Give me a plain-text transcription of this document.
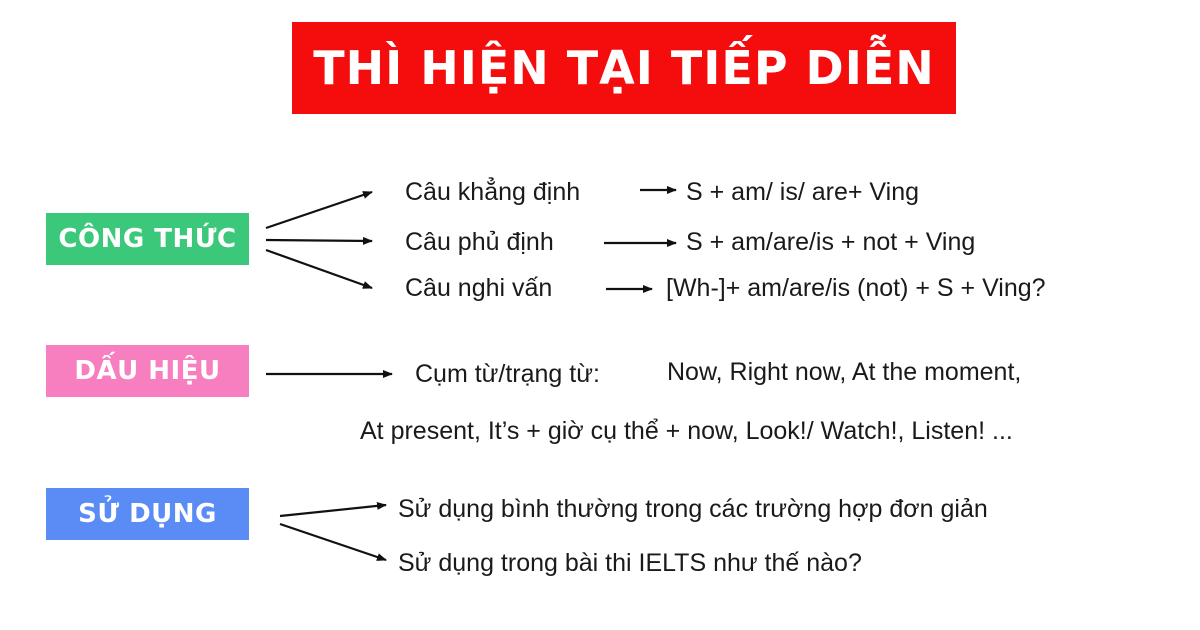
THÌ HIỆN TẠI TIẾP DIỄN
CÔNG THỨC
DẤU HIỆU
SỬ DỤNG
Câu khẳng định	S + am/ is/ are+ Ving
Câu phủ định	S + am/are/is + not + Ving
Câu nghi vấn	[Wh-]+ am/are/is (not) + S + Ving?
Cụm từ/trạng từ:	Now, Right now, At the moment,
At present, It’s + giờ cụ thể + now, Look!/ Watch!, Listen! ...
Sử dụng bình thường trong các trường hợp đơn giản
Sử dụng trong bài thi IELTS như thế nào?
